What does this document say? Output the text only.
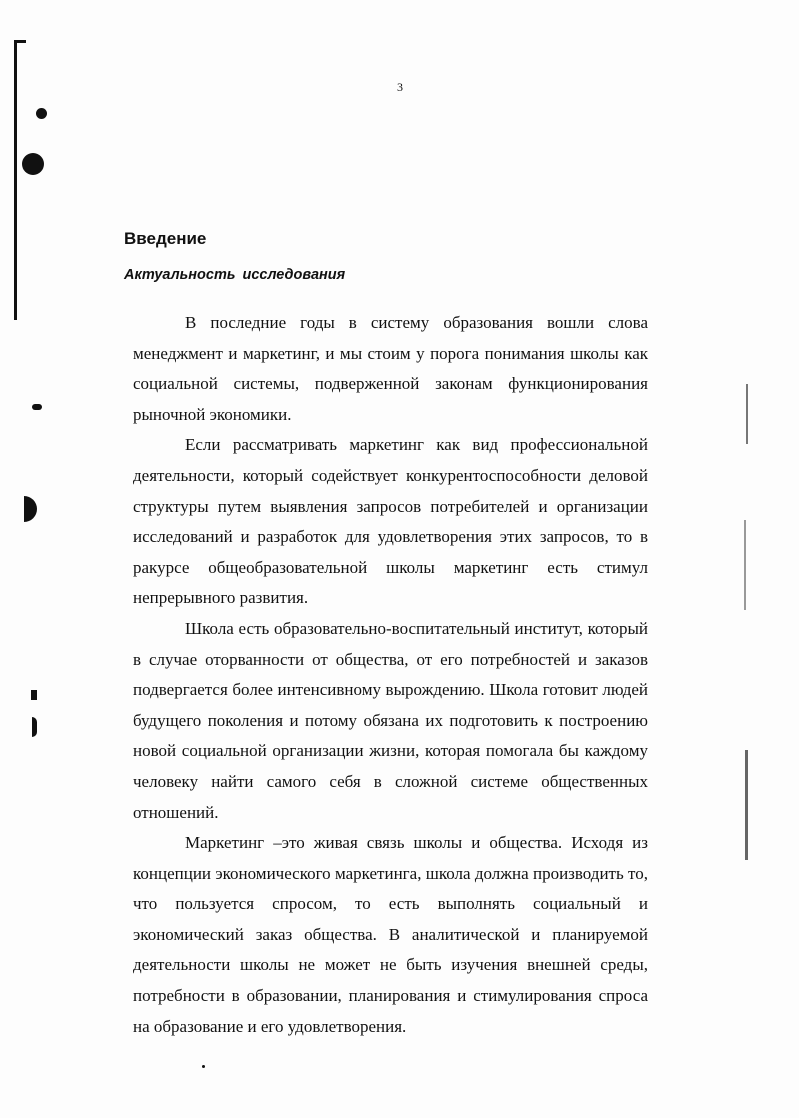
3
Введение
Актуальность исследования

В последние годы в систему образования вошли слова менеджмент и маркетинг, и мы стоим у порога понимания школы как социальной системы, подверженной законам функционирования рыночной экономики.

Если рассматривать маркетинг как вид профессиональной деятельности, который содействует конкурентоспособности деловой структуры путем выявления запросов потребителей и организации исследований и разработок для удовлетворения этих запросов, то в ракурсе общеобразовательной школы маркетинг есть стимул непрерывного развития.

Школа есть образовательно-воспитательный институт, который в случае оторванности от общества, от его потребностей и заказов подвергается более интенсивному вырождению. Школа готовит людей будущего поколения и потому обязана их подготовить к построению новой социальной организации жизни, которая помогала бы каждому человеку найти самого себя в сложной системе общественных отношений.

Маркетинг –это живая связь школы и общества. Исходя из концепции экономического маркетинга, школа должна производить то, что пользуется спросом, то есть выполнять социальный и экономический заказ общества. В аналитической и планируемой деятельности школы не может не быть изучения внешней среды, потребности в образовании, планирования и стимулирования спроса на образование и его удовлетворения.
